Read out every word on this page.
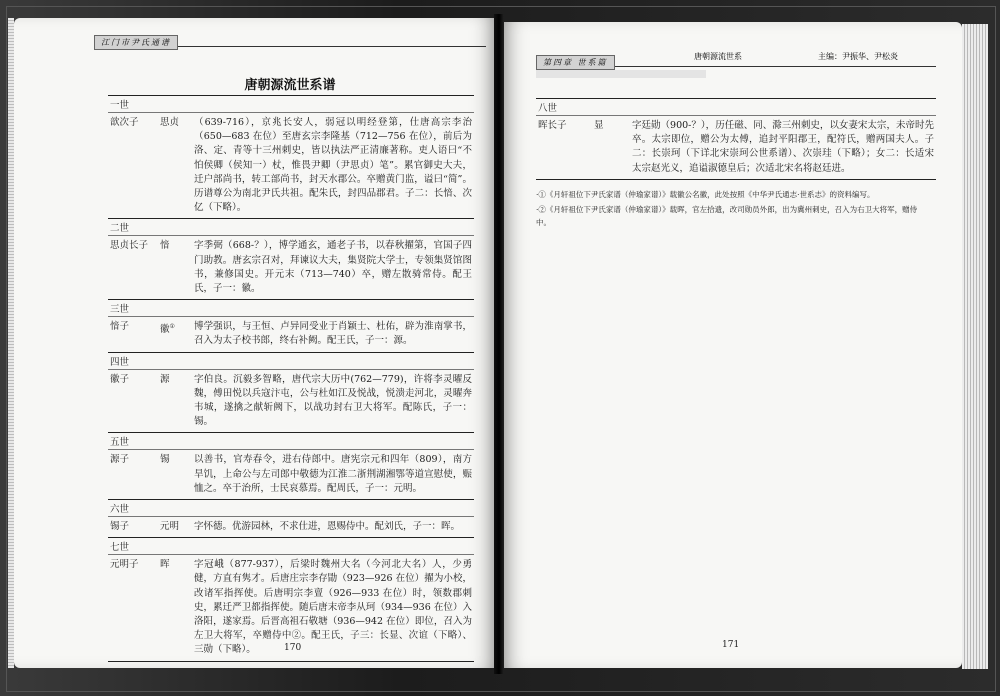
江门市尹氏通谱
唐朝源流世系谱
一世
歆次子	思贞	（639-716），京兆长安人，弱冠以明经登第，仕唐高宗李治（650—683 在位）至唐玄宗李隆基（712—756 在位），前后为洛、定、青等十三州刺史，皆以执法严正清廉著称。吏人语曰“不怕侯卿（侯知一）杖，惟畏尹卿（尹思贞）笔”。累官御史大夫，迁户部尚书，转工部尚书，封天水郡公。卒赠黄门监，谥曰“简”。历谱尊公为南北尹氏共祖。配朱氏，封四品郡君。子二：长愔、次亿（下略）。
二世
思贞长子	愔	字季弼（668-？），博学通玄，通老子书，以春秋擢第，官国子四门助教。唐玄宗召对，拜谏议大夫，集贤院大学士，专领集贤馆图书，兼修国史。开元末（713—740）卒，赠左散骑常侍。配王氏，子一：徽。
三世
愔子	徽①	博学强识，与王恒、卢异同受业于肖颖士、杜佑，辟为淮南掌书，召入为太子校书郎，终右补阙。配王氏，子一：源。
四世
徽子	源	字伯良。沉毅多智略，唐代宗大历中(762—779)，许将李灵曜反魏，傅田悦以兵寇汴屯，公与杜如江及悦战，悦溃走河北，灵曜奔韦城，遂擒之献斩阙下，以战功封右卫大将军。配陈氏，子一：锡。
五世
源子	锡	以善书，官寿春令，进右侍郎中。唐宪宗元和四年（809），南方旱饥，上命公与左司郎中敬德为江淮二浙荆湖湘鄂等道宣慰使，赈恤之。卒于治所，士民哀慕焉。配周氏，子一：元明。
六世
锡子	元明	字怀德。优游园林，不求仕进，恩赐侍中。配刘氏，子一：晖。
七世
元明子	晖	字冠峨（877-937），后梁时魏州大名（今河北大名）人，少勇健，方直有隽才。后唐庄宗李存勖（923—926 在位）擢为小校，改诸军指挥使。后唐明宗李亶（926—933 在位）时，领数郡刺史，累迁严卫都指挥使。随后唐末帝李从珂（934—936 在位）入洛阳，遂家焉。后晋高祖石敬塘（936—942 在位）即位，召入为左卫大将军，卒赠侍中②。配王氏，子三：长显、次谊（下略）、三勋（下略）。	170
第四章 世系篇
唐朝源流世系	主编：尹振华、尹松炎
八世
晖长子	显	字廷勋（900-？），历任磁、同、滁三州刺史，以女妻宋太宗，未帝时先卒。太宗即位，赠公为太傅，追封平阳郡王，配符氏，赠两国夫人。子二：长崇珂（下详北宋崇珂公世系谱）、次崇珪（下略）；女二：长适宋太宗赵光义，追谥淑德皇后；次适北宋名将赵廷进。
·①《月轩祖位下尹氏家谱（仲瑜家谱）》载徽公名徽，此处按照《中华尹氏通志·世系志》的资料编写。
·②《月轩祖位下尹氏家谱（仲瑜家谱）》载晖，官左拾遗，改司勋员外郎，出为冀州刺史，召入为右卫大将军，赠侍中。
171
